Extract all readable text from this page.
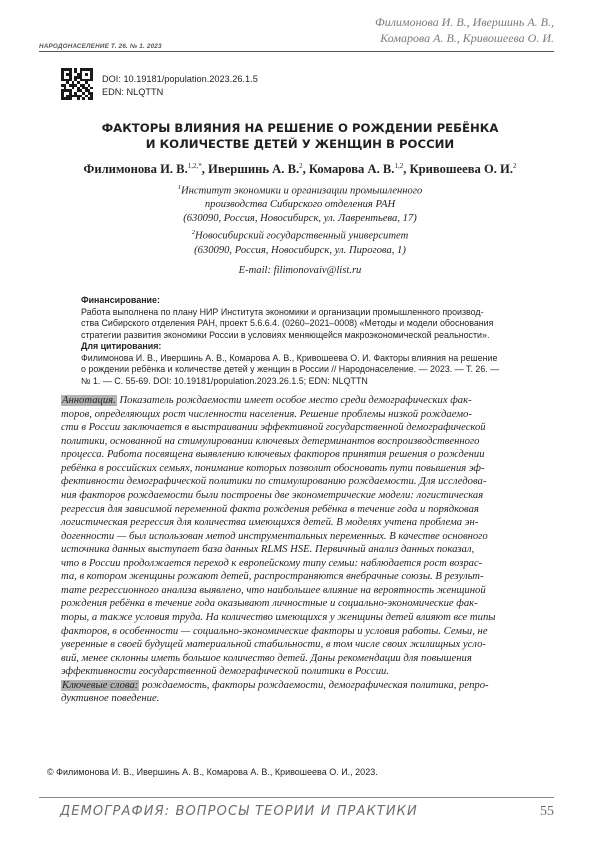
Филимонова И. В., Ивершинь А. В.,
Комарова А. В., Кривошеева О. И.
НАРОДОНАСЕЛЕНИЕ Т. 26. № 1. 2023
DOI: 10.19181/population.2023.26.1.5
EDN: NLQTTN
ФАКТОРЫ ВЛИЯНИЯ НА РЕШЕНИЕ О РОЖДЕНИИ РЕБЁНКА
И КОЛИЧЕСТВЕ ДЕТЕЙ У ЖЕНЩИН В РОССИИ
Филимонова И. В.$^{1,2,*}$, Ивершинь А. В.$^2$, Комарова А. В.$^{1,2}$, Кривошеева О. И.$^2$
$^1$Институт экономики и организации промышленного
производства Сибирского отделения РАН
(630090, Россия, Новосибирск, ул. Лаврентьева, 17)
$^2$Новосибирский государственный университет
(630090, Россия, Новосибирск, ул. Пирогова, 1)
E-mail: filimonovaiv@list.ru
Финансирование:
Работа выполнена по плану НИР Института экономики и организации промышленного производ-
ства Сибирского отделения РАН, проект 5.6.6.4. (0260–2021–0008) «Методы и модели обоснования
стратегии развития экономики России в условиях меняющейся макроэкономической реальности».
Для цитирования:
Филимонова И. В., Ивершинь А. В., Комарова А. В., Кривошеева О. И. Факторы влияния на решение
о рождении ребёнка и количестве детей у женщин в России // Народонаселение. — 2023. — Т. 26. —
№ 1. — С. 55-69. DOI: 10.19181/population.2023.26.1.5; EDN: NLQTTN
Аннотация. Показатель рождаемости имеет особое место среди демографических фак-
торов, определяющих рост численности населения. Решение проблемы низкой рождаемо-
сти в России заключается в выстраивании эффективной государственной демографической
политики, основанной на стимулировании ключевых детерминантов воспроизводственного
процесса. Работа посвящена выявлению ключевых факторов принятия решения о рождении
ребёнка в российских семьях, понимание которых позволит обосновать пути повышения эф-
фективности демографической политики по стимулированию рождаемости. Для исследова-
ния факторов рождаемости были построены две эконометрические модели: логистическая
регрессия для зависимой переменной факта рождения ребёнка в течение года и порядковая
логистическая регрессия для количества имеющихся детей. В моделях учтена проблема эн-
догенности — был использован метод инструментальных переменных. В качестве основного
источника данных выступает база данных RLMS HSE. Первичный анализ данных показал,
что в России продолжается переход к европейскому типу семьи: наблюдается рост возрас-
та, в котором женщины рожают детей, распространяются внебрачные союзы. В результ-
тате регрессионного анализа выявлено, что наибольшее влияние на вероятность женщиной
рождения ребёнка в течение года оказывают личностные и социально-экономические фак-
торы, а также условия труда. На количество имеющихся у женщины детей влияют все типы
факторов, в особенности — социально-экономические факторы и условия работы. Семьи, не
уверенные в своей будущей материальной стабильности, в том числе своих жилищных усло-
вий, менее склонны иметь большое количество детей. Даны рекомендации для повышения
эффективности государственной демографической политики в России.
Ключевые слова: рождаемость, факторы рождаемости, демографическая политика, репро-
дуктивное поведение.
© Филимонова И. В., Ивершинь А. В., Комарова А. В., Кривошеева О. И., 2023.
ДЕМОГРАФИЯ: ВОПРОСЫ ТЕОРИИ И ПРАКТИКИ	55
